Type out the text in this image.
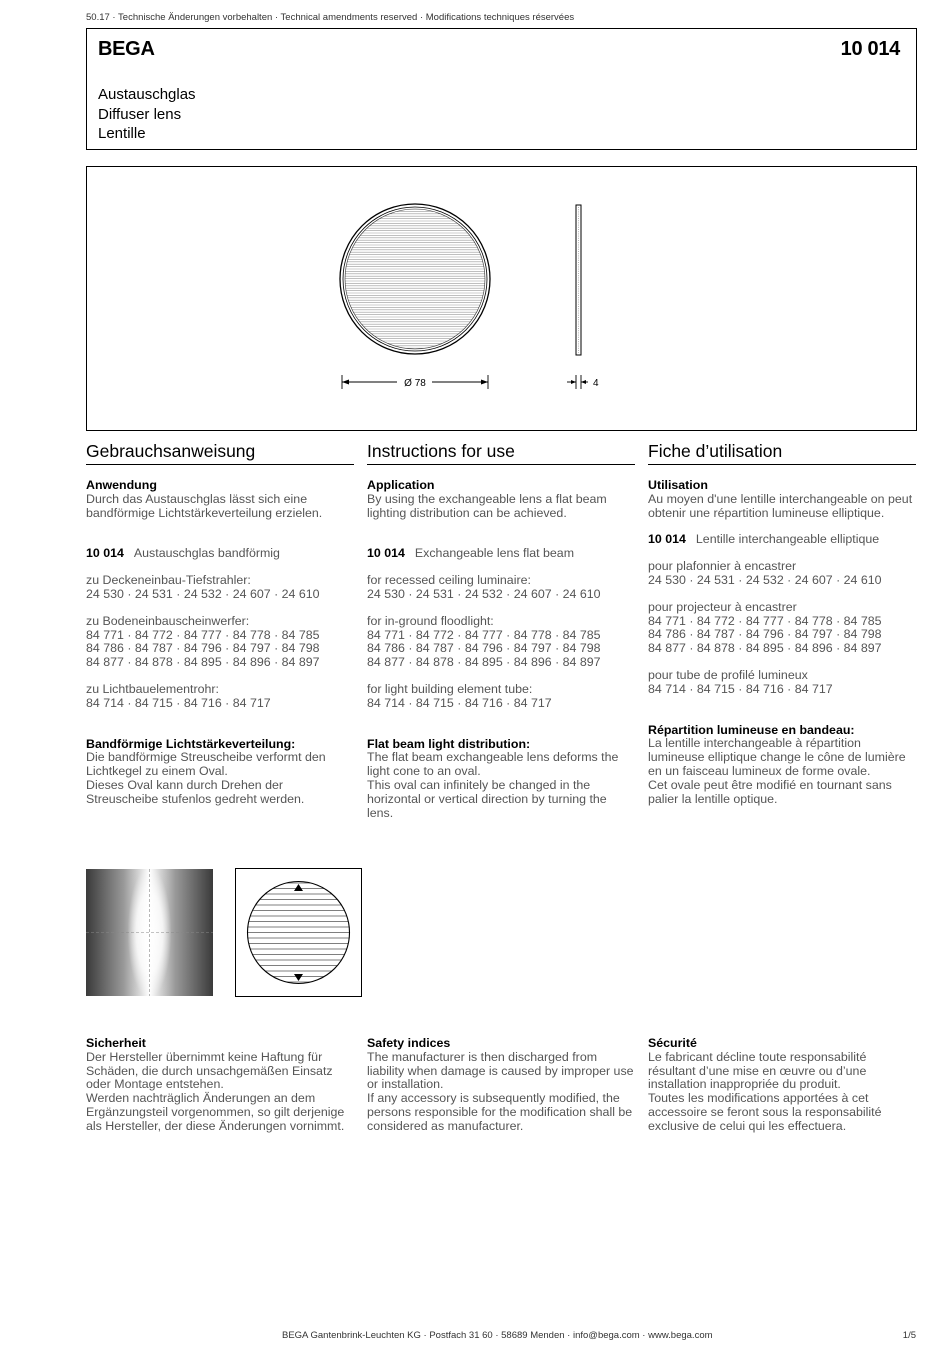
50.17 · Technische Änderungen vorbehalten · Technical amendments reserved · Modifications techniques réservées
BEGA	10 014
Austauschglas
Diffuser lens
Lentille
Ø 78	4
Gebrauchsanweisung
Anwendung
Durch das Austauschglas lässt sich eine bandförmige Lichtstärkeverteilung erzielen.
10 014 Austauschglas bandförmig
zu Deckeneinbau-Tiefstrahler:
24 530 · 24 531 · 24 532 · 24 607 · 24 610
zu Bodeneinbauscheinwerfer:
84 771 · 84 772 · 84 777 · 84 778 · 84 785
84 786 · 84 787 · 84 796 · 84 797 · 84 798
84 877 · 84 878 · 84 895 · 84 896 · 84 897
zu Lichtbauelementrohr:
84 714 · 84 715 · 84 716 · 84 717
Bandförmige Lichtstärkeverteilung:
Die bandförmige Streuscheibe verformt den Lichtkegel zu einem Oval.
Dieses Oval kann durch Drehen der Streuscheibe stufenlos gedreht werden.
Instructions for use
Application
By using the exchangeable lens a flat beam lighting distribution can be achieved.
10 014 Exchangeable lens flat beam
for recessed ceiling luminaire:
24 530 · 24 531 · 24 532 · 24 607 · 24 610
for in-ground floodlight:
84 771 · 84 772 · 84 777 · 84 778 · 84 785
84 786 · 84 787 · 84 796 · 84 797 · 84 798
84 877 · 84 878 · 84 895 · 84 896 · 84 897
for light building element tube:
84 714 · 84 715 · 84 716 · 84 717
Flat beam light distribution:
The flat beam exchangeable lens deforms the light cone to an oval.
This oval can infinitely be changed in the horizontal or vertical direction by turning the lens.
Fiche d’utilisation
Utilisation
Au moyen d'une lentille interchangeable on peut obtenir une répartition lumineuse elliptique.
10 014 Lentille interchangeable elliptique
pour plafonnier à encastrer
24 530 · 24 531 · 24 532 · 24 607 · 24 610
pour projecteur à encastrer
84 771 · 84 772 · 84 777 · 84 778 · 84 785
84 786 · 84 787 · 84 796 · 84 797 · 84 798
84 877 · 84 878 · 84 895 · 84 896 · 84 897
pour tube de profilé lumineux
84 714 · 84 715 · 84 716 · 84 717
Répartition lumineuse en bandeau:
La lentille interchangeable à répartition lumineuse elliptique change le cône de lumière en un faisceau lumineux de forme ovale.
Cet ovale peut être modifié en tournant sans palier la lentille optique.
Sicherheit
Der Hersteller übernimmt keine Haftung für Schäden, die durch unsachgemäßen Einsatz oder Montage entstehen.
Werden nachträglich Änderungen an dem Ergänzungsteil vorgenommen, so gilt derjenige als Hersteller, der diese Änderungen vornimmt.
Safety indices
The manufacturer is then discharged from liability when damage is caused by improper use or installation.
If any accessory is subsequently modified, the persons responsible for the modification shall be considered as manufacturer.
Sécurité
Le fabricant décline toute responsabilité résultant d’une mise en œuvre ou d’une installation inappropriée du produit.
Toutes les modifications apportées à cet accessoire se feront sous la responsabilité exclusive de celui qui les effectuera.
BEGA Gantenbrink-Leuchten KG · Postfach 31 60 · 58689 Menden · info@bega.com · www.bega.com	1/5
